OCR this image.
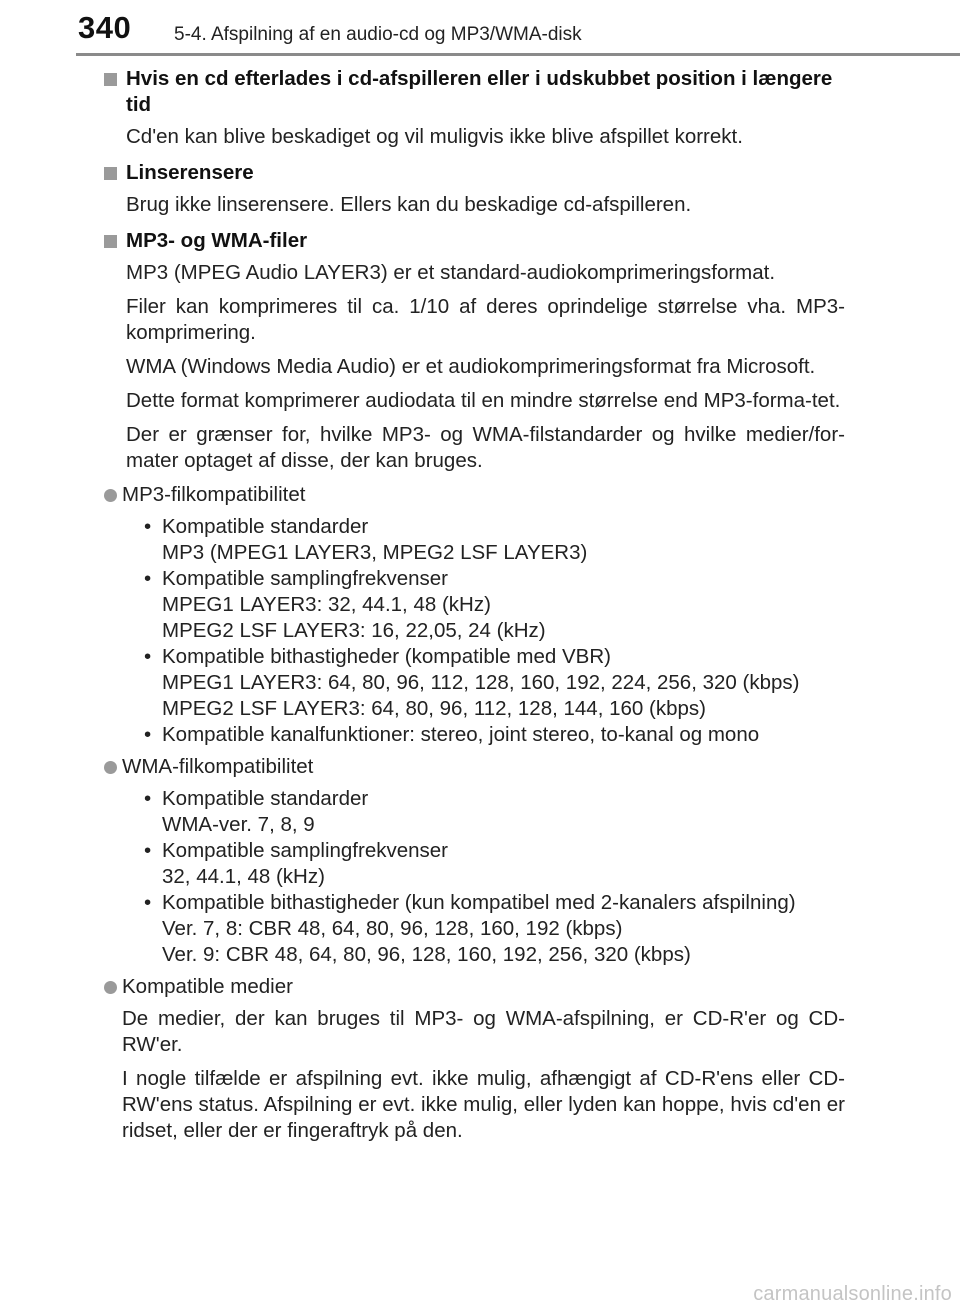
340 5-4. Afspilning af en audio-cd og MP3/WMA-disk
Hvis en cd efterlades i cd-afspilleren eller i udskubbet position i længere tid
Cd'en kan blive beskadiget og vil muligvis ikke blive afspillet korrekt.
Linserensere
Brug ikke linserensere. Ellers kan du beskadige cd-afspilleren.
MP3- og WMA-filer
MP3 (MPEG Audio LAYER3) er et standard-audiokomprimeringsformat.
Filer kan komprimeres til ca. 1/10 af deres oprindelige størrelse vha. MP3-komprimering.
WMA (Windows Media Audio) er et audiokomprimeringsformat fra Microsoft.
Dette format komprimerer audiodata til en mindre størrelse end MP3-forma-tet.
Der er grænser for, hvilke MP3- og WMA-filstandarder og hvilke medier/for-mater optaget af disse, der kan bruges.
MP3-filkompatibilitet
• Kompatible standarder
MP3 (MPEG1 LAYER3, MPEG2 LSF LAYER3)
• Kompatible samplingfrekvenser
MPEG1 LAYER3: 32, 44.1, 48 (kHz)
MPEG2 LSF LAYER3: 16, 22,05, 24 (kHz)
• Kompatible bithastigheder (kompatible med VBR)
MPEG1 LAYER3: 64, 80, 96, 112, 128, 160, 192, 224, 256, 320 (kbps)
MPEG2 LSF LAYER3: 64, 80, 96, 112, 128, 144, 160 (kbps)
• Kompatible kanalfunktioner: stereo, joint stereo, to-kanal og mono
WMA-filkompatibilitet
• Kompatible standarder
WMA-ver. 7, 8, 9
• Kompatible samplingfrekvenser
32, 44.1, 48 (kHz)
• Kompatible bithastigheder (kun kompatibel med 2-kanalers afspilning)
Ver. 7, 8: CBR 48, 64, 80, 96, 128, 160, 192 (kbps)
Ver. 9: CBR 48, 64, 80, 96, 128, 160, 192, 256, 320 (kbps)
Kompatible medier
De medier, der kan bruges til MP3- og WMA-afspilning, er CD-R'er og CD-RW'er.
I nogle tilfælde er afspilning evt. ikke mulig, afhængigt af CD-R'ens eller CD-RW'ens status. Afspilning er evt. ikke mulig, eller lyden kan hoppe, hvis cd'en er ridset, eller der er fingeraftryk på den.
carmanualsonline.info
